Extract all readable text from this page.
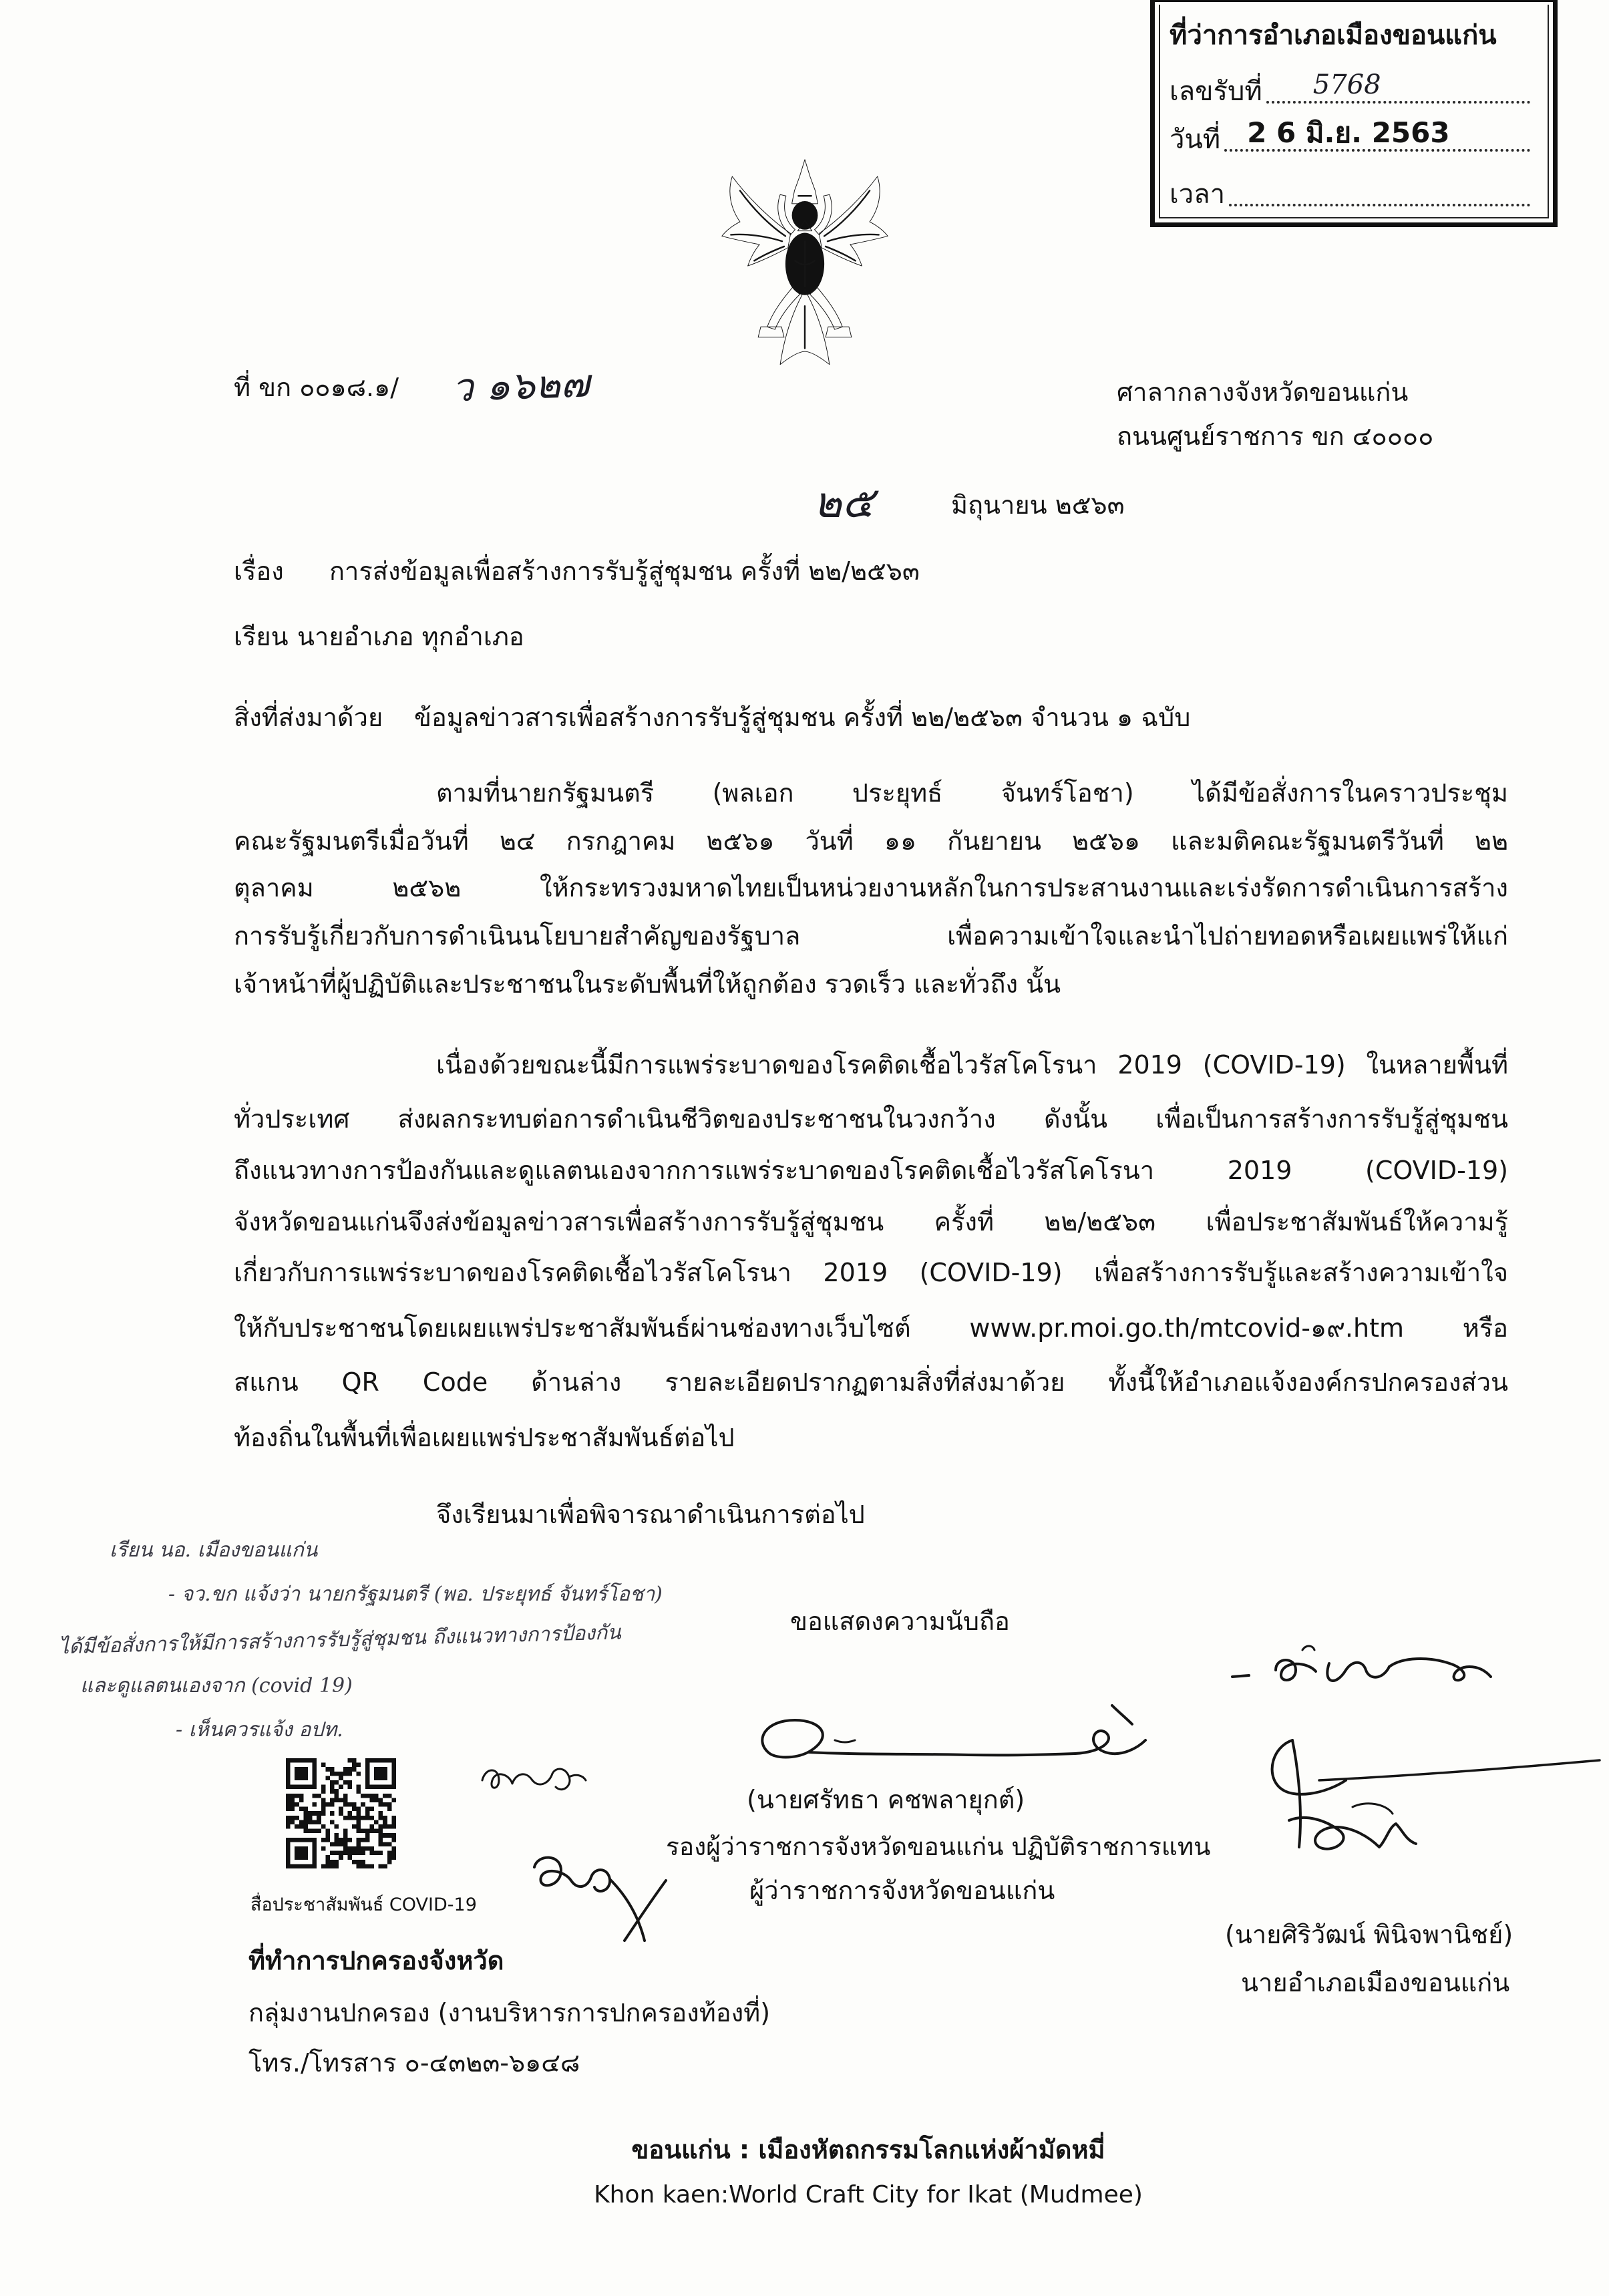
ที่ว่าการอำเภอเมืองขอนแก่น
เลขรับที่ 5768
วันที่ 2 6 มิ.ย. 2563
เวลา
ที่ ขก ๐๐๑๘.๑/	ว ๑๖๒๗	ศาลากลางจังหวัดขอนแก่น
ถนนศูนย์ราชการ ขก ๔๐๐๐๐
๒๕	มิถุนายน ๒๕๖๓
เรื่อง	การส่งข้อมูลเพื่อสร้างการรับรู้สู่ชุมชน ครั้งที่ ๒๒/๒๕๖๓
เรียน นายอำเภอ ทุกอำเภอ
สิ่งที่ส่งมาด้วย	ข้อมูลข่าวสารเพื่อสร้างการรับรู้สู่ชุมชน ครั้งที่ ๒๒/๒๕๖๓ จำนวน ๑ ฉบับ
ตามที่นายกรัฐมนตรี (พลเอก ประยุทธ์ จันทร์โอชา) ได้มีข้อสั่งการในคราวประชุม
คณะรัฐมนตรีเมื่อวันที่ ๒๔ กรกฎาคม ๒๕๖๑ วันที่ ๑๑ กันยายน ๒๕๖๑ และมติคณะรัฐมนตรีวันที่ ๒๒
ตุลาคม ๒๕๖๒ ให้กระทรวงมหาดไทยเป็นหน่วยงานหลักในการประสานงานและเร่งรัดการดำเนินการสร้าง
การรับรู้เกี่ยวกับการดำเนินนโยบายสำคัญของรัฐบาล เพื่อความเข้าใจและนำไปถ่ายทอดหรือเผยแพร่ให้แก่
เจ้าหน้าที่ผู้ปฏิบัติและประชาชนในระดับพื้นที่ให้ถูกต้อง รวดเร็ว และทั่วถึง นั้น
เนื่องด้วยขณะนี้มีการแพร่ระบาดของโรคติดเชื้อไวรัสโคโรนา 2019 (COVID-19) ในหลายพื้นที่
ทั่วประเทศ ส่งผลกระทบต่อการดำเนินชีวิตของประชาชนในวงกว้าง ดังนั้น เพื่อเป็นการสร้างการรับรู้สู่ชุมชน
ถึงแนวทางการป้องกันและดูแลตนเองจากการแพร่ระบาดของโรคติดเชื้อไวรัสโคโรนา 2019 (COVID-19)
จังหวัดขอนแก่นจึงส่งข้อมูลข่าวสารเพื่อสร้างการรับรู้สู่ชุมชน ครั้งที่ ๒๒/๒๕๖๓ เพื่อประชาสัมพันธ์ให้ความรู้
เกี่ยวกับการแพร่ระบาดของโรคติดเชื้อไวรัสโคโรนา 2019 (COVID-19) เพื่อสร้างการรับรู้และสร้างความเข้าใจ
ให้กับประชาชนโดยเผยแพร่ประชาสัมพันธ์ผ่านช่องทางเว็บไซต์ www.pr.moi.go.th/mtcovid-๑๙.htm หรือ
สแกน QR Code ด้านล่าง รายละเอียดปรากฏตามสิ่งที่ส่งมาด้วย ทั้งนี้ให้อำเภอแจ้งองค์กรปกครองส่วน
ท้องถิ่นในพื้นที่เพื่อเผยแพร่ประชาสัมพันธ์ต่อไป
จึงเรียนมาเพื่อพิจารณาดำเนินการต่อไป
เรียน นอ. เมืองขอนแก่น
- จว.ขก แจ้งว่า นายกรัฐมนตรี (พอ. ประยุทธ์ จันทร์โอชา)
ได้มีข้อสั่งการให้มีการสร้างการรับรู้สู่ชุมชน ถึงแนวทางการป้องกัน
และดูแลตนเองจาก (covid 19)
- เห็นควรแจ้ง อปท.
ขอแสดงความนับถือ
(นายศรัทธา คชพลายุกต์)
รองผู้ว่าราชการจังหวัดขอนแก่น ปฏิบัติราชการแทน
ผู้ว่าราชการจังหวัดขอนแก่น
(นายศิริวัฒน์ พินิจพานิชย์)
นายอำเภอเมืองขอนแก่น
สื่อประชาสัมพันธ์ COVID-19
ที่ทำการปกครองจังหวัด
กลุ่มงานปกครอง (งานบริหารการปกครองท้องที่)
โทร./โทรสาร ๐-๔๓๒๓-๖๑๔๘
ขอนแก่น : เมืองหัตถกรรมโลกแห่งผ้ามัดหมี่
Khon kaen:World Craft City for Ikat (Mudmee)
